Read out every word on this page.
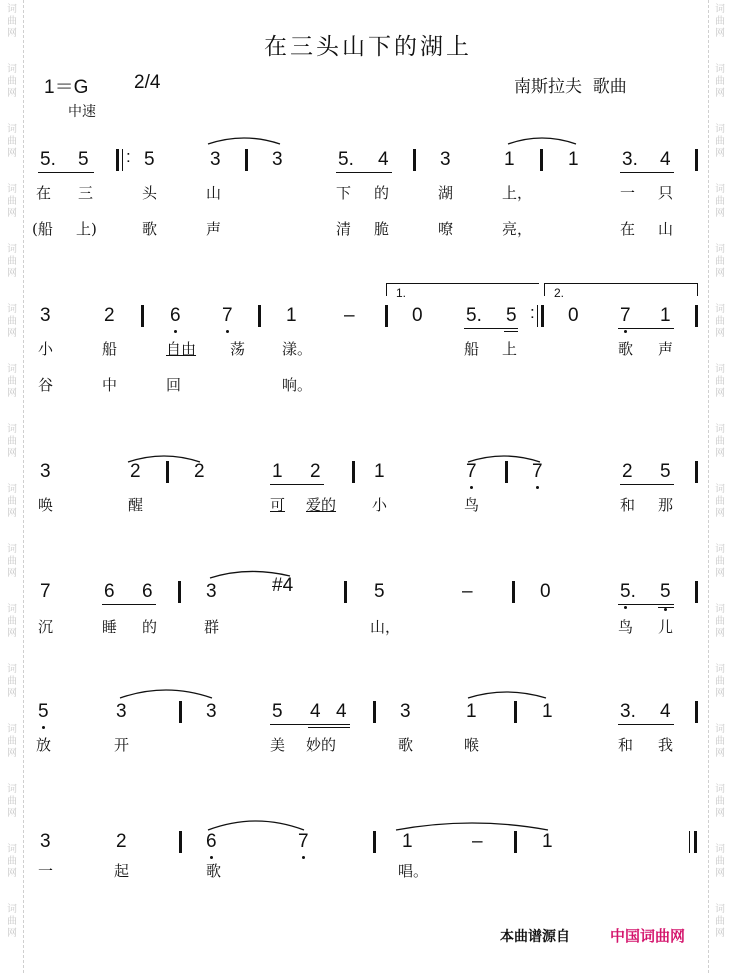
词
曲
网
词
曲
网
词
曲
网
词
曲
网
词
曲
网
词
曲
网
词
曲
网
词
曲
网
词
曲
网
词
曲
网
词
曲
网
词
曲
网
词
曲
网
词
曲
网
词
曲
网
词
曲
网
词
曲
网
词
曲
网
词
曲
网
词
曲
网
词
曲
网
词
曲
网
词
曲
网
词
曲
网
词
曲
网
词
曲
网
词
曲
网
词
曲
网
词
曲
网
词
曲
网
词
曲
网
词
曲
网
在三头山下的湖上
1＝G 2/4	南斯拉夫  歌曲
中速
5. 5 : 5	3	3	5. 4	3	1	1 3. 4
在 三	头	山	下 的	湖	上，	一 只
(船 上)	歌	声	清 脆	嘹	亮，	在 山
1.	2.
3	2	6 7	1 –	0 5. 5 : 0 7 1
小	船	自由 荡 漾。	船 上	歌 声
谷	中	回	响。
3	2	2	1 2	1	7	7	2 5
唤	醒	可 爱的 小	鸟	和 那
7	6 6	3	#4	5	–	0	5. 5
沉	睡 的	群	山，	鸟 儿
5	3	3	5 4 4	3	1	1	3. 4
放	开	美 妙的	歌	喉	和 我
3	2	6	7	1	–	1
一	起	歌	唱。
本曲谱源自	中国词曲网
